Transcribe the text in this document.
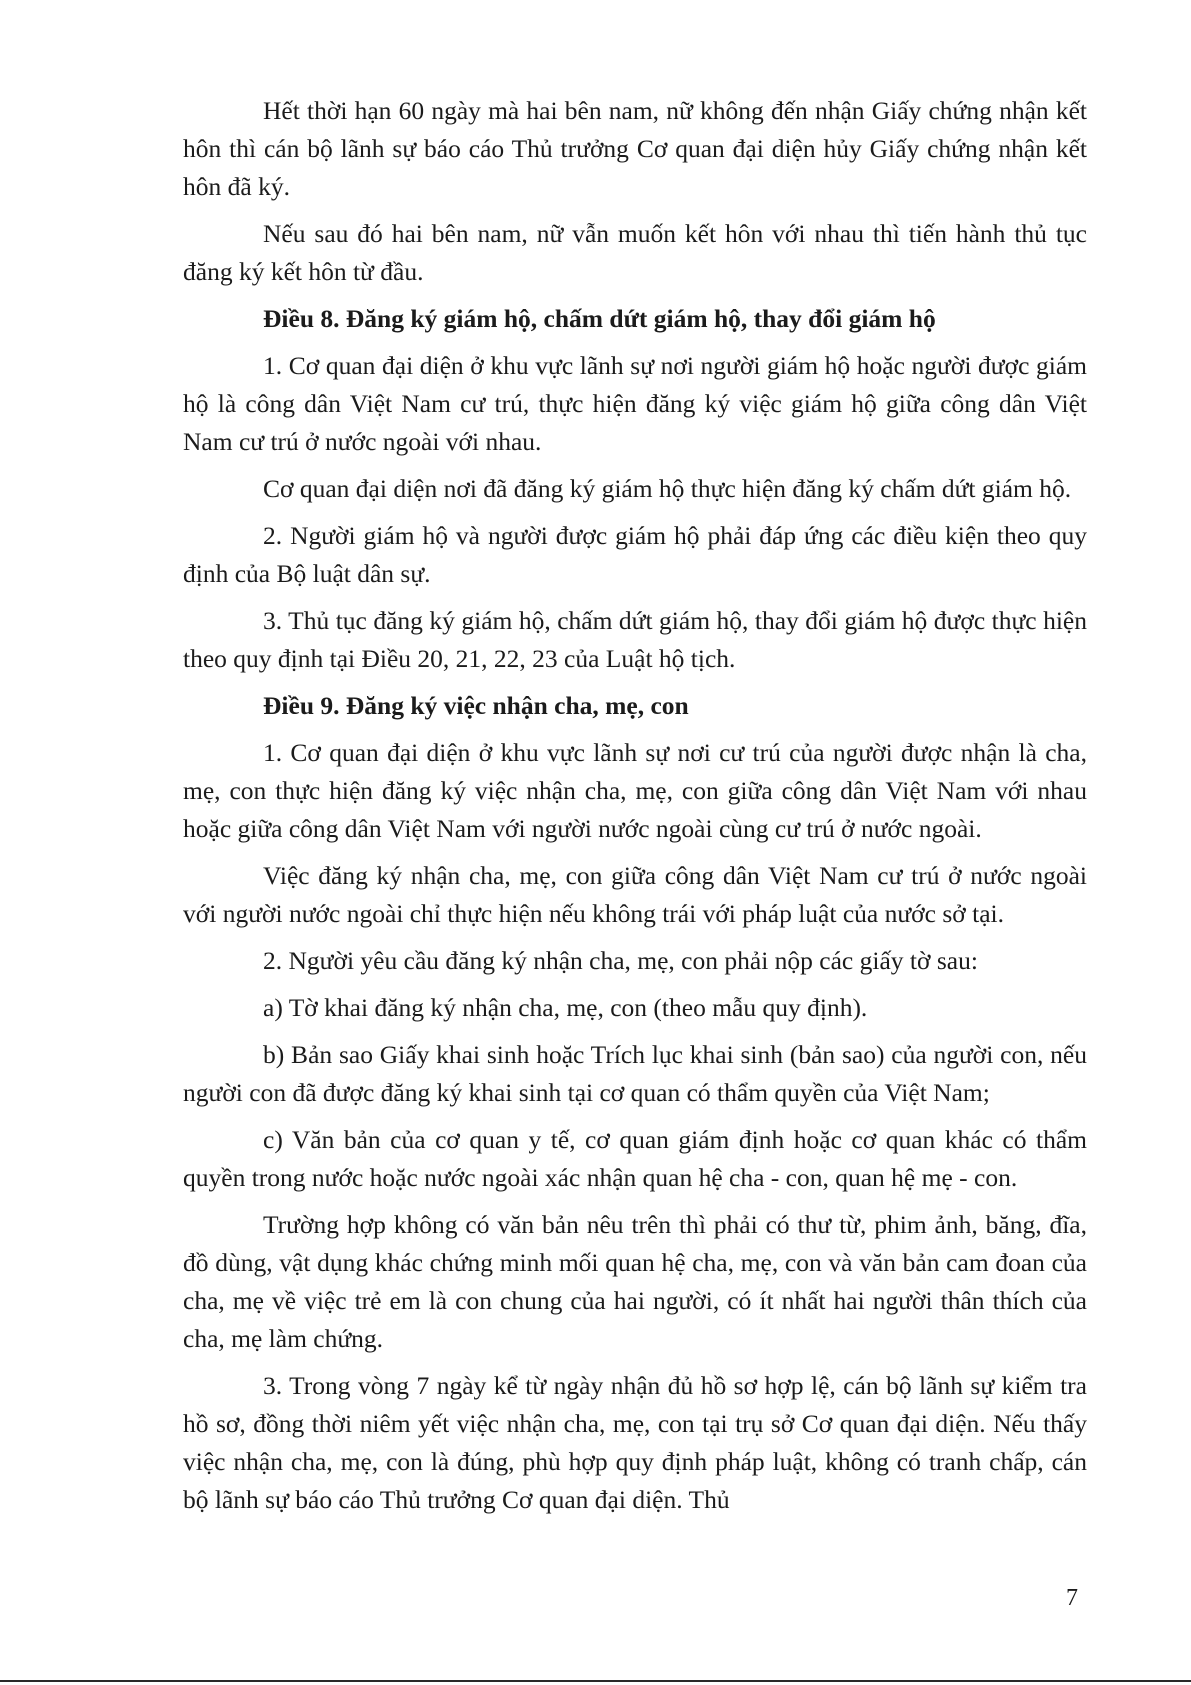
Hết thời hạn 60 ngày mà hai bên nam, nữ không đến nhận Giấy chứng nhận kết hôn thì cán bộ lãnh sự báo cáo Thủ trưởng Cơ quan đại diện hủy Giấy chứng nhận kết hôn đã ký.

Nếu sau đó hai bên nam, nữ vẫn muốn kết hôn với nhau thì tiến hành thủ tục đăng ký kết hôn từ đầu.

Điều 8. Đăng ký giám hộ, chấm dứt giám hộ, thay đổi giám hộ

1. Cơ quan đại diện ở khu vực lãnh sự nơi người giám hộ hoặc người được giám hộ là công dân Việt Nam cư trú, thực hiện đăng ký việc giám hộ giữa công dân Việt Nam cư trú ở nước ngoài với nhau.

Cơ quan đại diện nơi đã đăng ký giám hộ thực hiện đăng ký chấm dứt giám hộ.

2. Người giám hộ và người được giám hộ phải đáp ứng các điều kiện theo quy định của Bộ luật dân sự.

3. Thủ tục đăng ký giám hộ, chấm dứt giám hộ, thay đổi giám hộ được thực hiện theo quy định tại Điều 20, 21, 22, 23 của Luật hộ tịch.

Điều 9. Đăng ký việc nhận cha, mẹ, con

1. Cơ quan đại diện ở khu vực lãnh sự nơi cư trú của người được nhận là cha, mẹ, con thực hiện đăng ký việc nhận cha, mẹ, con giữa công dân Việt Nam với nhau hoặc giữa công dân Việt Nam với người nước ngoài cùng cư trú ở nước ngoài.

Việc đăng ký nhận cha, mẹ, con giữa công dân Việt Nam cư trú ở nước ngoài với người nước ngoài chỉ thực hiện nếu không trái với pháp luật của nước sở tại.

2. Người yêu cầu đăng ký nhận cha, mẹ, con phải nộp các giấy tờ sau:

a) Tờ khai đăng ký nhận cha, mẹ, con (theo mẫu quy định).

b) Bản sao Giấy khai sinh hoặc Trích lục khai sinh (bản sao) của người con, nếu người con đã được đăng ký khai sinh tại cơ quan có thẩm quyền của Việt Nam;

c) Văn bản của cơ quan y tế, cơ quan giám định hoặc cơ quan khác có thẩm quyền trong nước hoặc nước ngoài xác nhận quan hệ cha - con, quan hệ mẹ - con.

Trường hợp không có văn bản nêu trên thì phải có thư từ, phim ảnh, băng, đĩa, đồ dùng, vật dụng khác chứng minh mối quan hệ cha, mẹ, con và văn bản cam đoan của cha, mẹ về việc trẻ em là con chung của hai người, có ít nhất hai người thân thích của cha, mẹ làm chứng.

3. Trong vòng 7 ngày kể từ ngày nhận đủ hồ sơ hợp lệ, cán bộ lãnh sự kiểm tra hồ sơ, đồng thời niêm yết việc nhận cha, mẹ, con tại trụ sở Cơ quan đại diện. Nếu thấy việc nhận cha, mẹ, con là đúng, phù hợp quy định pháp luật, không có tranh chấp, cán bộ lãnh sự báo cáo Thủ trưởng Cơ quan đại diện. Thủ

7
